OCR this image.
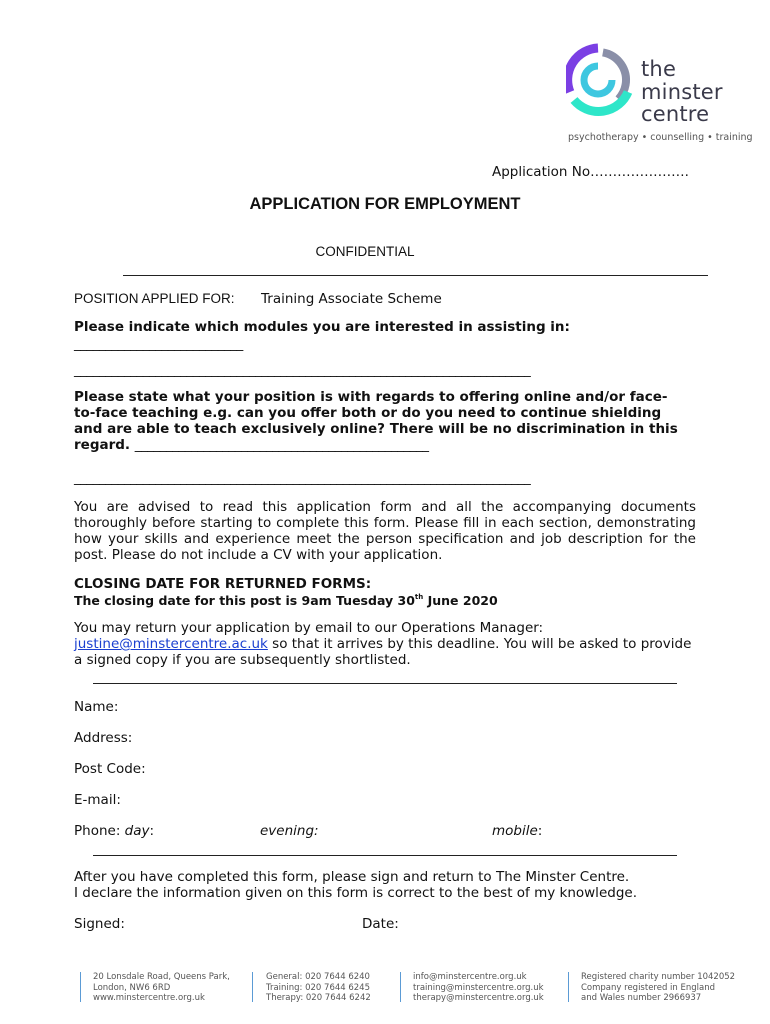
the
minster
centre
psychotherapy • counselling • training
Application No………………….
APPLICATION FOR EMPLOYMENT
CONFIDENTIAL
POSITION APPLIED FOR: Training Associate Scheme
Please indicate which modules you are interested in assisting in:
___________________________
_________________________________________________________________________
Please state what your position is with regards to offering online and/or face-to-face teaching e.g. can you offer both or do you need to continue shielding and are able to teach exclusively online? There will be no discrimination in this regard. _______________________________________________
_________________________________________________________________________
You are advised to read this application form and all the accompanying documents thoroughly before starting to complete this form. Please fill in each section, demonstrating how your skills and experience meet the person specification and job description for the post. Please do not include a CV with your application.
CLOSING DATE FOR RETURNED FORMS:
The closing date for this post is 9am Tuesday 30th June 2020
You may return your application by email to our Operations Manager:
justine@minstercentre.ac.uk so that it arrives by this deadline. You will be asked to provide a signed copy if you are subsequently shortlisted.
Name:
Address:
Post Code:
E-mail:
Phone: day:	evening:	mobile:
After you have completed this form, please sign and return to The Minster Centre.
I declare the information given on this form is correct to the best of my knowledge.
Signed:	Date:
20 Lonsdale Road, Queens Park,
London, NW6 6RD
www.minstercentre.org.uk
General: 020 7644 6240
Training: 020 7644 6245
Therapy: 020 7644 6242
info@minstercentre.org.uk
training@minstercentre.org.uk
therapy@minstercentre.org.uk
Registered charity number 1042052
Company registered in England
and Wales number 2966937
